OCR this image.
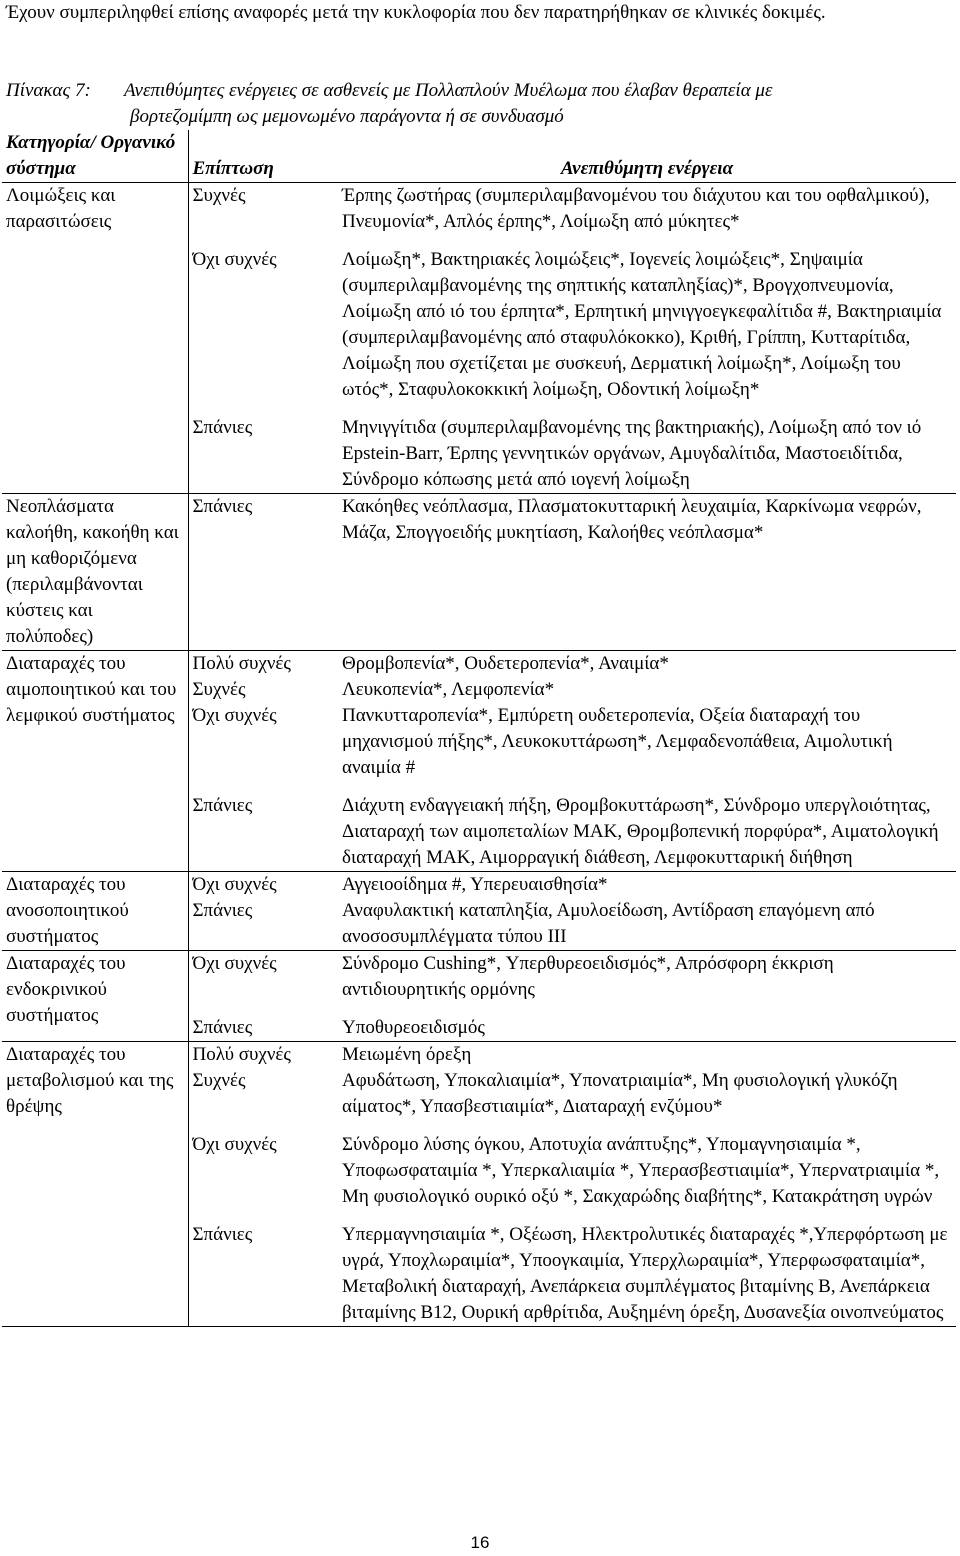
Έχουν συμπεριληφθεί επίσης αναφορές μετά την κυκλοφορία που δεν παρατηρήθηκαν σε κλινικές δοκιμές.
Πίνακας 7: Ανεπιθύμητες ενέργειες σε ασθενείς με Πολλαπλούν Μυέλωμα που έλαβαν θεραπεία με
βορτεζομίμπη ως μεμονωμένο παράγοντα ή σε συνδυασμό
Κατηγορία/ Οργανικό σύστημα	Επίπτωση	Ανεπιθύμητη ενέργεια
Λοιμώξεις και παρασιτώσεις	Συχνές	Έρπης ζωστήρας (συμπεριλαμβανομένου του διάχυτου και του οφθαλμικού), Πνευμονία*, Απλός έρπης*, Λοίμωξη από μύκητες*
	Όχι συχνές	Λοίμωξη*, Βακτηριακές λοιμώξεις*, Ιογενείς λοιμώξεις*, Σηψαιμία (συμπεριλαμβανομένης της σηπτικής καταπληξίας)*, Βρογχοπνευμονία, Λοίμωξη από ιό του έρπητα*, Ερπητική μηνιγγοεγκεφαλίτιδα #, Βακτηριαιμία (συμπεριλαμβανομένης από σταφυλόκοκκο), Κριθή, Γρίππη, Κυτταρίτιδα, Λοίμωξη που σχετίζεται με συσκευή, Δερματική λοίμωξη*, Λοίμωξη του ωτός*, Σταφυλοκοκκική λοίμωξη, Οδοντική λοίμωξη*
	Σπάνιες	Μηνιγγίτιδα (συμπεριλαμβανομένης της βακτηριακής), Λοίμωξη από τον ιό Epstein-Barr, Έρπης γεννητικών οργάνων, Αμυγδαλίτιδα, Μαστοειδίτιδα, Σύνδρομο κόπωσης μετά από ιογενή λοίμωξη
Νεοπλάσματα καλοήθη, κακοήθη και μη καθοριζόμενα (περιλαμβάνονται κύστεις και πολύποδες)	Σπάνιες	Κακόηθες νεόπλασμα, Πλασματοκυτταρική λευχαιμία, Καρκίνωμα νεφρών, Μάζα, Σπογγοειδής μυκητίαση, Καλοήθες νεόπλασμα*
Διαταραχές του αιμοποιητικού και του λεμφικού συστήματος	Πολύ συχνές	Θρομβοπενία*, Ουδετεροπενία*, Αναιμία*
	Συχνές	Λευκοπενία*, Λεμφοπενία*
	Όχι συχνές	Πανκυτταροπενία*, Εμπύρετη ουδετεροπενία, Οξεία διαταραχή του μηχανισμού πήξης*, Λευκοκυττάρωση*, Λεμφαδενοπάθεια, Αιμολυτική αναιμία #
	Σπάνιες	Διάχυτη ενδαγγειακή πήξη, Θρομβοκυττάρωση*, Σύνδρομο υπεργλοιότητας, Διαταραχή των αιμοπεταλίων ΜΑΚ, Θρομβοπενική πορφύρα*, Αιματολογική διαταραχή ΜΑΚ, Αιμορραγική διάθεση, Λεμφοκυτταρική διήθηση
Διαταραχές του ανοσοποιητικού συστήματος	Όχι συχνές	Αγγειοοίδημα #, Υπερευαισθησία*
	Σπάνιες	Αναφυλακτική καταπληξία, Αμυλοείδωση, Αντίδραση επαγόμενη από ανοσοσυμπλέγματα τύπου ΙΙΙ
Διαταραχές του ενδοκρινικού συστήματος	Όχι συχνές	Σύνδρομο Cushing*, Υπερθυρεοειδισμός*, Απρόσφορη έκκριση αντιδιουρητικής ορμόνης
	Σπάνιες	Υποθυρεοειδισμός
Διαταραχές του μεταβολισμού και της θρέψης	Πολύ συχνές	Μειωμένη όρεξη
	Συχνές	Αφυδάτωση, Υποκαλιαιμία*, Υπονατριαιμία*, Μη φυσιολογική γλυκόζη αίματος*, Υπασβεστιαιμία*, Διαταραχή ενζύμου*
	Όχι συχνές	Σύνδρομο λύσης όγκου, Αποτυχία ανάπτυξης*, Υπομαγνησιαιμία *, Υποφωσφαταιμία *, Υπερκαλιαιμία *, Υπερασβεστιαιμία*, Υπερνατριαιμία *, Μη φυσιολογικό ουρικό οξύ *, Σακχαρώδης διαβήτης*, Κατακράτηση υγρών
	Σπάνιες	Υπερμαγνησιαιμία *, Οξέωση, Ηλεκτρολυτικές διαταραχές *,Υπερφόρτωση με υγρά, Υποχλωραιμία*, Υποογκαιμία, Υπερχλωραιμία*, Υπερφωσφαταιμία*, Μεταβολική διαταραχή, Ανεπάρκεια συμπλέγματος βιταμίνης Β, Ανεπάρκεια βιταμίνης Β12, Ουρική αρθρίτιδα, Αυξημένη όρεξη, Δυσανεξία οινοπνεύματος
16
